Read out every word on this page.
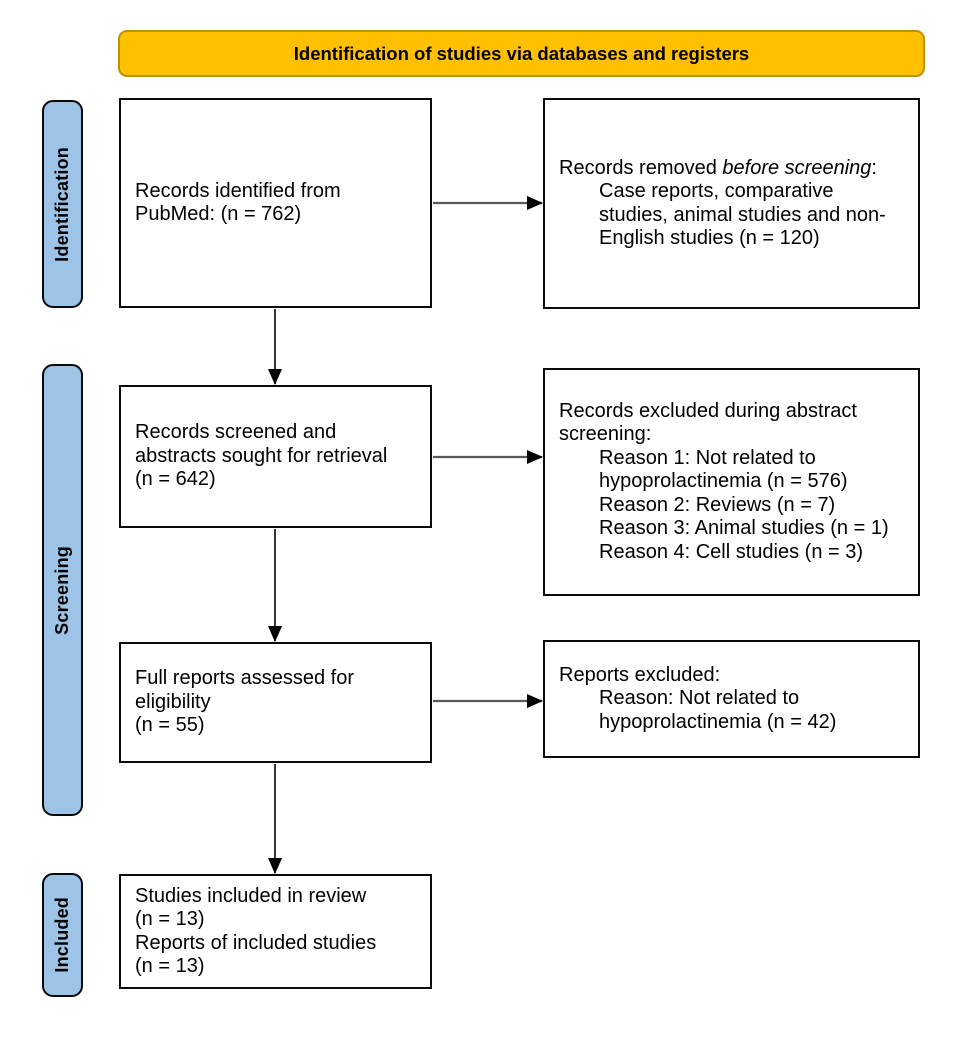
Identification of studies via databases and registers
Identification
Screening
Included
Records identified from
PubMed: (n = 762)
Records removed before screening:
Case reports, comparative
studies, animal studies and non-
English studies (n = 120)
Records screened and
abstracts sought for retrieval
(n = 642)
Records excluded during abstract
screening:
Reason 1: Not related to
hypoprolactinemia (n = 576)
Reason 2: Reviews (n = 7)
Reason 3: Animal studies (n = 1)
Reason 4: Cell studies (n = 3)
Full reports assessed for
eligibility
(n = 55)
Reports excluded:
Reason: Not related to
hypoprolactinemia (n = 42)
Studies included in review
(n = 13)
Reports of included studies
(n = 13)
